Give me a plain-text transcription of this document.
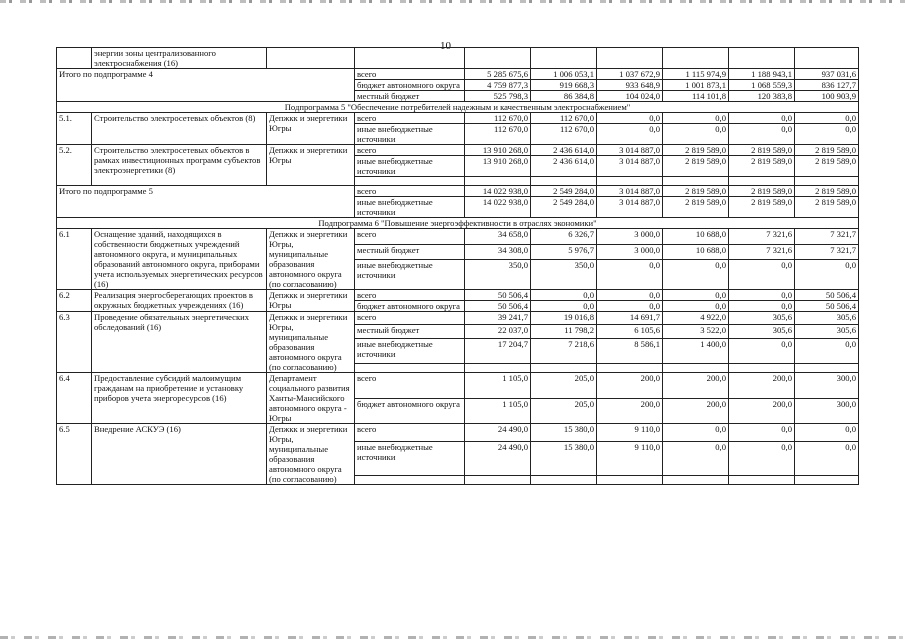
10
	энергии зоны централизованного электроснабжения (16)								
Итого по подпрограмме 4			всего	5 285 675,6	1 006 053,1	1 037 672,9	1 115 974,9	1 188 943,1	937 031,6
			бюджет автономного округа	4 759 877,3	919 668,3	933 648,9	1 001 873,1	1 068 559,3	836 127,7
			местный бюджет	525 798,3	86 384,8	104 024,0	114 101,8	120 383,8	100 903,9
Подпрограмма 5 "Обеспечение потребителей надежным и качественным электроснабжением"									
5.1.	Строительство электросетевых объектов (8)	Депжкк и энергетики Югры	всего	112 670,0	112 670,0	0,0	0,0	0,0	0,0
			иные внебюджетные источники	112 670,0	112 670,0	0,0	0,0	0,0	0,0
5.2.	Строительство электросетевых объектов в рамках инвестиционных программ субъектов электроэнергетики (8)	Депжкк и энергетики Югры	всего	13 910 268,0	2 436 614,0	3 014 887,0	2 819 589,0	2 819 589,0	2 819 589,0
			иные внебюджетные источники	13 910 268,0	2 436 614,0	3 014 887,0	2 819 589,0	2 819 589,0	2 819 589,0

Итого по подпрограмме 5			всего	14 022 938,0	2 549 284,0	3 014 887,0	2 819 589,0	2 819 589,0	2 819 589,0
			иные внебюджетные источники	14 022 938,0	2 549 284,0	3 014 887,0	2 819 589,0	2 819 589,0	2 819 589,0
Подпрограмма 6 "Повышение энергоэффективности в отраслях экономики"									
6.1	Оснащение зданий, находящихся в собственности бюджетных учреждений автономного округа, и муниципальных образований автономного округа, приборами учета используемых энергетических ресурсов (16)	Депжкк и энергетики Югры, муниципальные образования автономного округа (по согласованию)	всего	34 658,0	6 326,7	3 000,0	10 688,0	7 321,6	7 321,7
			местный бюджет	34 308,0	5 976,7	3 000,0	10 688,0	7 321,6	7 321,7
			иные внебюджетные источники	350,0	350,0	0,0	0,0	0,0	0,0
6.2	Реализация энергосберегающих проектов в окружных бюджетных учреждениях (16)	Депжкк и энергетики Югры	всего	50 506,4	0,0	0,0	0,0	0,0	50 506,4
			бюджет автономного округа	50 506,4	0,0	0,0	0,0	0,0	50 506,4
6.3	Проведение обязательных энергетических обследований (16)	Депжкк и энергетики Югры, муниципальные образования автономного округа (по согласованию)	всего	39 241,7	19 016,8	14 691,7	4 922,0	305,6	305,6
			местный бюджет	22 037,0	11 798,2	6 105,6	3 522,0	305,6	305,6
			иные внебюджетные источники	17 204,7	7 218,6	8 586,1	1 400,0	0,0	0,0

6.4	Предоставление субсидий малоимущим гражданам на приобретение и установку приборов учета энергоресурсов (16)	Департамент социального развития Ханты-Мансийского автономного округа - Югры	всего	1 105,0	205,0	200,0	200,0	200,0	300,0
			бюджет автономного округа	1 105,0	205,0	200,0	200,0	200,0	300,0
6.5	Внедрение АСКУЭ (16)	Депжкк и энергетики Югры, муниципальные образования автономного округа (по согласованию)	всего	24 490,0	15 380,0	9 110,0	0,0	0,0	0,0
			иные внебюджетные источники	24 490,0	15 380,0	9 110,0	0,0	0,0	0,0
